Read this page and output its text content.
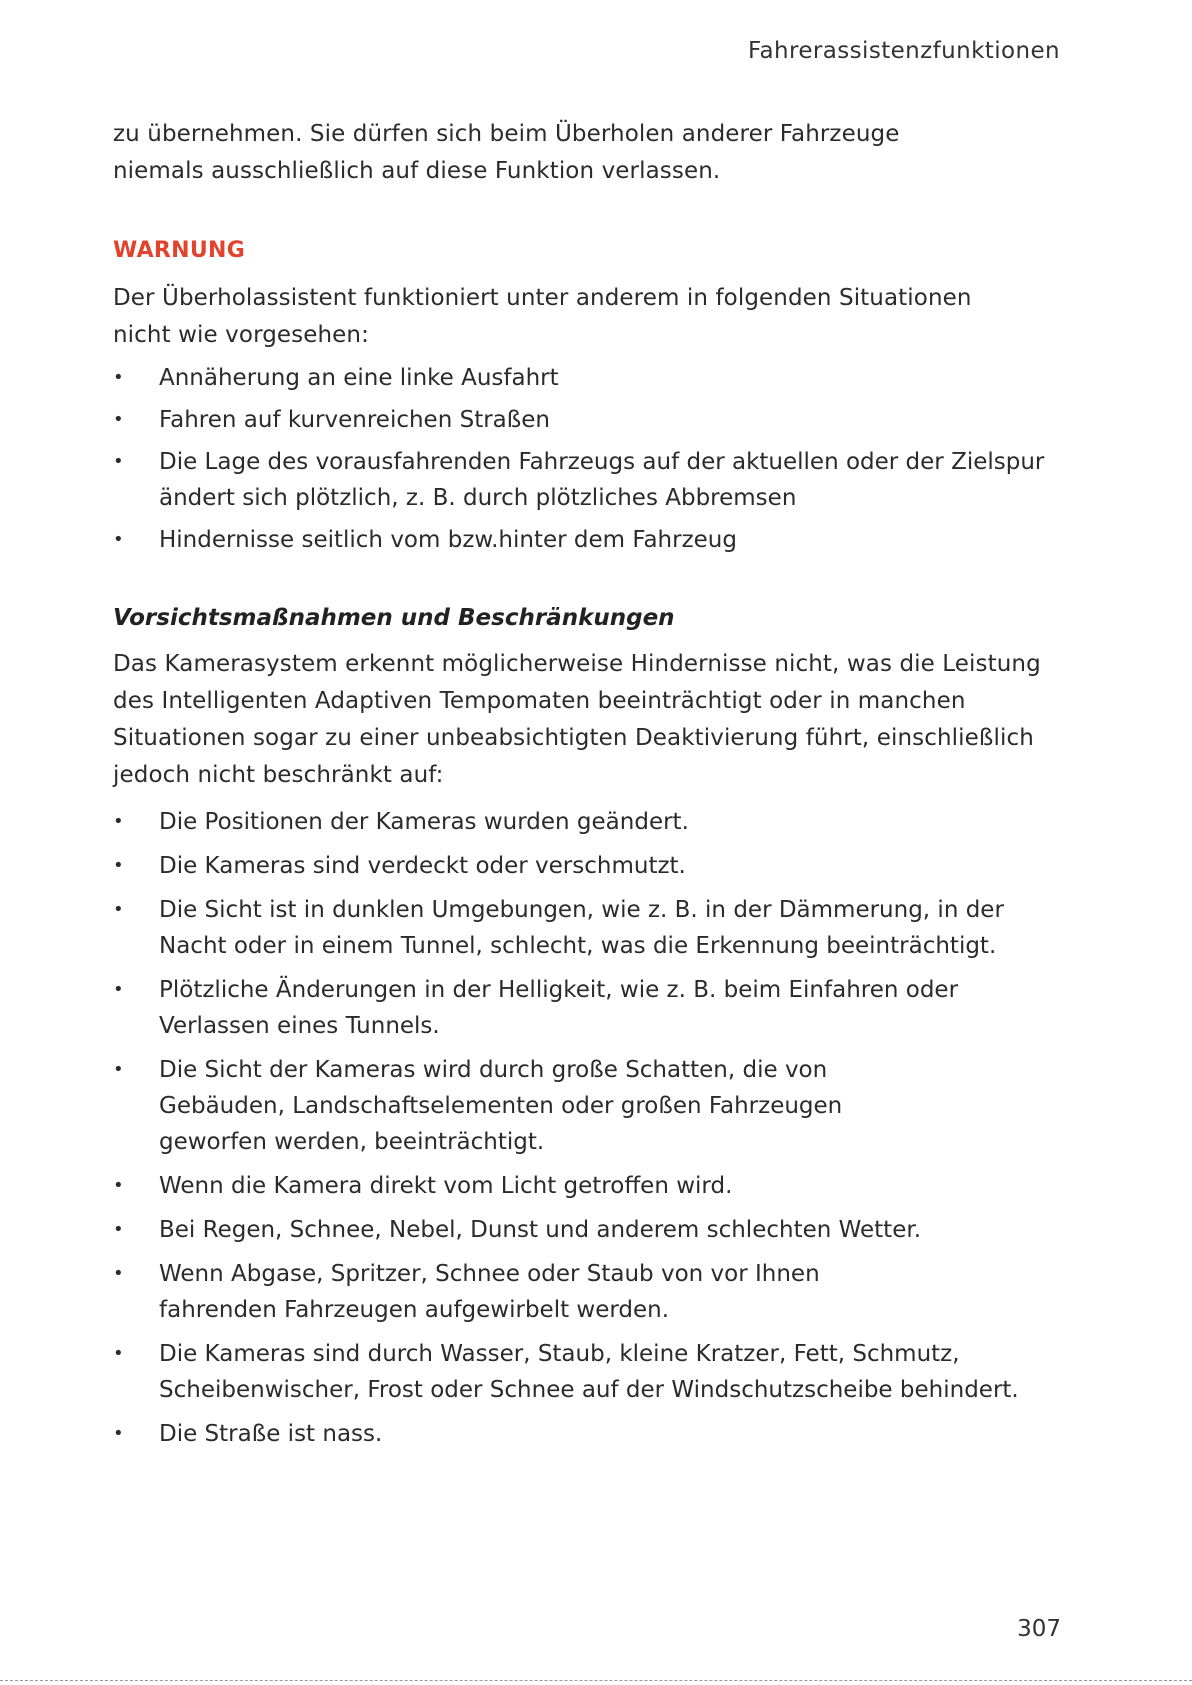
Fahrerassistenzfunktionen

zu übernehmen. Sie dürfen sich beim Überholen anderer Fahrzeuge niemals ausschließlich auf diese Funktion verlassen.

WARNUNG

Der Überholassistent funktioniert unter anderem in folgenden Situationen nicht wie vorgesehen:

•	Annäherung an eine linke Ausfahrt
•	Fahren auf kurvenreichen Straßen
•	Die Lage des vorausfahrenden Fahrzeugs auf der aktuellen oder der Zielspur ändert sich plötzlich, z. B. durch plötzliches Abbremsen
•	Hindernisse seitlich vom bzw.hinter dem Fahrzeug
Vorsichtsmaßnahmen und Beschränkungen

Das Kamerasystem erkennt möglicherweise Hindernisse nicht, was die Leistung des Intelligenten Adaptiven Tempomaten beeinträchtigt oder in manchen Situationen sogar zu einer unbeabsichtigten Deaktivierung führt, einschließlich jedoch nicht beschränkt auf:

•	Die Positionen der Kameras wurden geändert.
•	Die Kameras sind verdeckt oder verschmutzt.
•	Die Sicht ist in dunklen Umgebungen, wie z. B. in der Dämmerung, in der Nacht oder in einem Tunnel, schlecht, was die Erkennung beeinträchtigt.
•	Plötzliche Änderungen in der Helligkeit, wie z. B. beim Einfahren oder Verlassen eines Tunnels.
•	Die Sicht der Kameras wird durch große Schatten, die von Gebäuden, Landschaftselementen oder großen Fahrzeugen geworfen werden, beeinträchtigt.
•	Wenn die Kamera direkt vom Licht getroffen wird.
•	Bei Regen, Schnee, Nebel, Dunst und anderem schlechten Wetter.
•	Wenn Abgase, Spritzer, Schnee oder Staub von vor Ihnen fahrenden Fahrzeugen aufgewirbelt werden.
•	Die Kameras sind durch Wasser, Staub, kleine Kratzer, Fett, Schmutz, Scheibenwischer, Frost oder Schnee auf der Windschutzscheibe behindert.
•	Die Straße ist nass.
307
